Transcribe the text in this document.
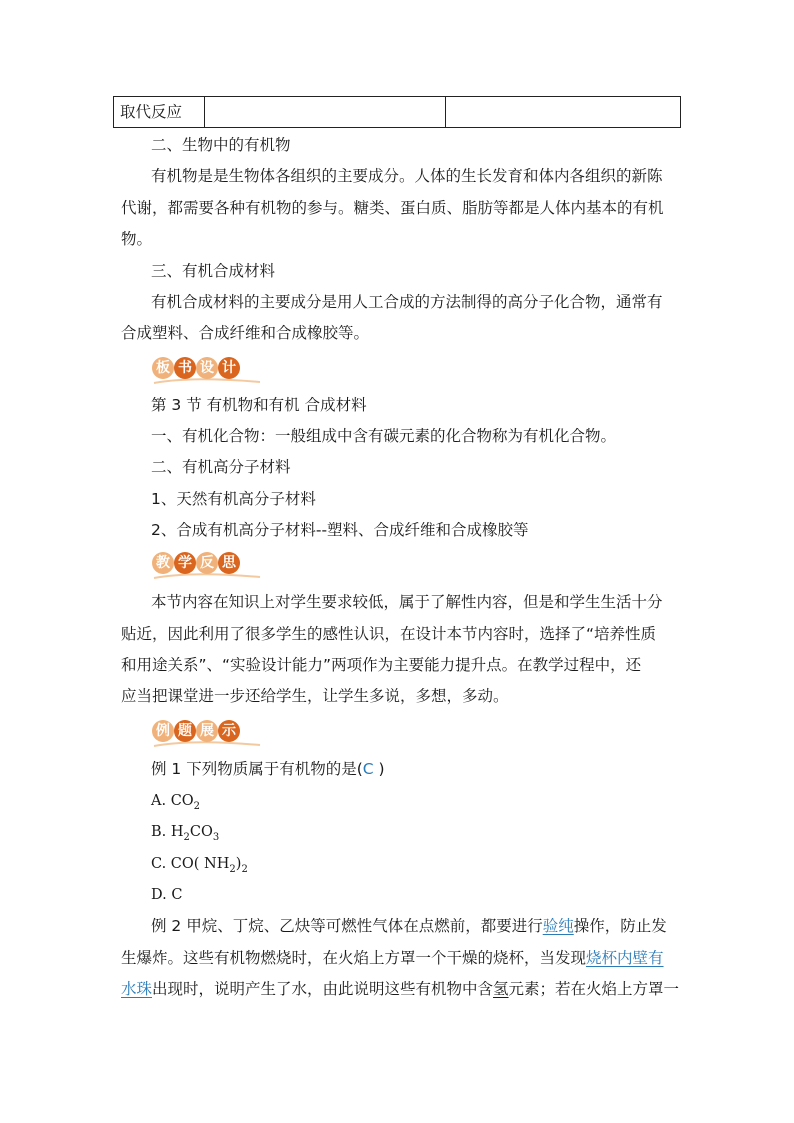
取代反应
二、生物中的有机物
有机物是是生物体各组织的主要成分。人体的生长发育和体内各组织的新陈
代谢，都需要各种有机物的参与。糖类、蛋白质、脂肪等都是人体内基本的有机
物。
三、有机合成材料
有机合成材料的主要成分是用人工合成的方法制得的高分子化合物，通常有
合成塑料、合成纤维和合成橡胶等。
板 书 设 计
第 3 节 有机物和有机 合成材料
一、有机化合物：一般组成中含有碳元素的化合物称为有机化合物。
二、有机高分子材料
1、天然有机高分子材料
2、合成有机高分子材料--塑料、合成纤维和合成橡胶等
教 学 反 思
本节内容在知识上对学生要求较低，属于了解性内容，但是和学生生活十分
贴近，因此利用了很多学生的感性认识，在设计本节内容时，选择了“培养性质
和用途关系”、“实验设计能力”两项作为主要能力提升点。在教学过程中，还
应当把课堂进一步还给学生，让学生多说，多想，多动。
例 题 展 示
例 1 下列物质属于有机物的是(C )
A. $CO_2$
B. $H_2CO_3$
C. CO( $NH_2)_2$
D. C
例 2 甲烷、丁烷、乙炔等可燃性气体在点燃前，都要进行验纯操作，防止发
生爆炸。这些有机物燃烧时，在火焰上方罩一个干燥的烧杯，当发现烧杯内壁有
水珠出现时，说明产生了水，由此说明这些有机物中含氢元素；若在火焰上方罩一
